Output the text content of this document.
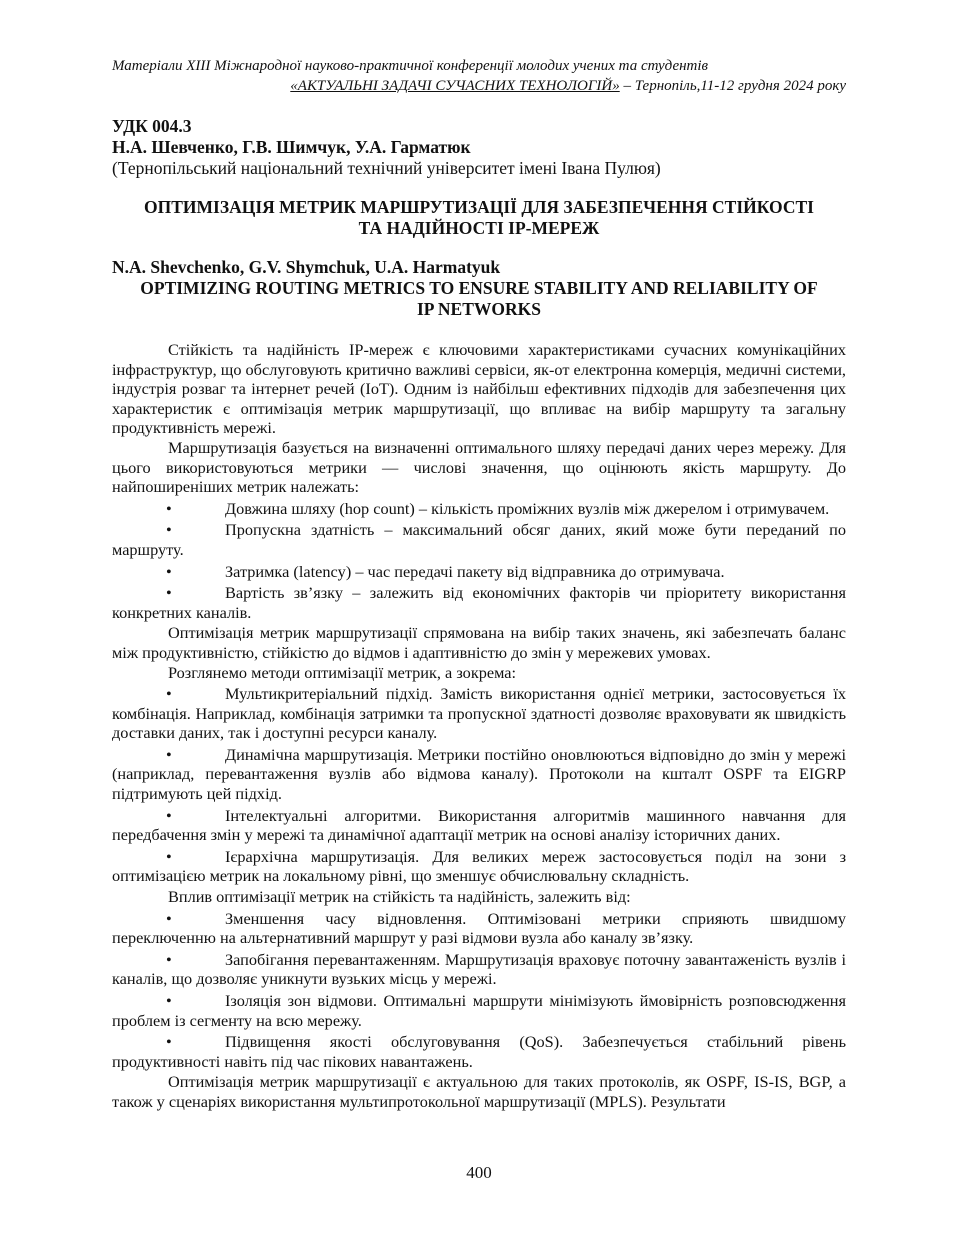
Матеріали XIІІ Міжнародної науково-практичної конференції молодих учених та студентів
«АКТУАЛЬНІ ЗАДАЧІ СУЧАСНИХ ТЕХНОЛОГІЙ» – Тернопіль,11-12 грудня 2024 року
УДК 004.3
Н.А. Шевченко, Г.В. Шимчук, У.А. Гарматюк
(Тернопільський національний технічний університет імені Івана Пулюя)
ОПТИМІЗАЦІЯ МЕТРИК МАРШРУТИЗАЦІЇ ДЛЯ ЗАБЕЗПЕЧЕННЯ СТІЙКОСТІ
ТА НАДІЙНОСТІ IP-МЕРЕЖ
N.A. Shevchenko, G.V. Shymchuk, U.A. Harmatyuk
OPTIMIZING ROUTING METRICS TO ENSURE STABILITY AND RELIABILITY OF
IP NETWORKS

Стійкість та надійність IP-мереж є ключовими характеристиками сучасних комунікаційних інфраструктур, що обслуговують критично важливі сервіси, як-от електронна комерція, медичні системи, індустрія розваг та інтернет речей (IoT). Одним із найбільш ефективних підходів для забезпечення цих характеристик є оптимізація метрик маршрутизації, що впливає на вибір маршруту та загальну продуктивність мережі.

Маршрутизація базується на визначенні оптимального шляху передачі даних через мережу. Для цього використовуються метрики — числові значення, що оцінюють якість маршруту. До найпоширеніших метрик належать:

•	Довжина шляху (hop count) – кількість проміжних вузлів між джерелом і отримувачем.

•	Пропускна здатність – максимальний обсяг даних, який може бути переданий по маршруту.

•	Затримка (latency) – час передачі пакету від відправника до отримувача.

•	Вартість зв’язку – залежить від економічних факторів чи пріоритету використання конкретних каналів.

Оптимізація метрик маршрутизації спрямована на вибір таких значень, які забезпечать баланс між продуктивністю, стійкістю до відмов і адаптивністю до змін у мережевих умовах.

Розглянемо методи оптимізації метрик, а зокрема:

•	Мультикритеріальний підхід. Замість використання однієї метрики, застосовується їх комбінація. Наприклад, комбінація затримки та пропускної здатності дозволяє враховувати як швидкість доставки даних, так і доступні ресурси каналу.

•	Динамічна маршрутизація. Метрики постійно оновлюються відповідно до змін у мережі (наприклад, перевантаження вузлів або відмова каналу). Протоколи на кшталт OSPF та EIGRP підтримують цей підхід.

•	Інтелектуальні алгоритми. Використання алгоритмів машинного навчання для передбачення змін у мережі та динамічної адаптації метрик на основі аналізу історичних даних.

•	Ієрархічна маршрутизація. Для великих мереж застосовується поділ на зони з оптимізацією метрик на локальному рівні, що зменшує обчислювальну складність.

Вплив оптимізації метрик на стійкість та надійність, залежить від:

•	Зменшення часу відновлення. Оптимізовані метрики сприяють швидшому переключенню на альтернативний маршрут у разі відмови вузла або каналу зв’язку.

•	Запобігання перевантаженням. Маршрутизація враховує поточну завантаженість вузлів і каналів, що дозволяє уникнути вузьких місць у мережі.

•	Ізоляція зон відмови. Оптимальні маршрути мінімізують ймовірність розповсюдження проблем із сегменту на всю мережу.

•	Підвищення якості обслуговування (QoS). Забезпечується стабільний рівень продуктивності навіть під час пікових навантажень.

Оптимізація метрик маршрутизації є актуальною для таких протоколів, як OSPF, IS-IS, BGP, а також у сценаріях використання мультипротокольної маршрутизації (MPLS). Результати

400
